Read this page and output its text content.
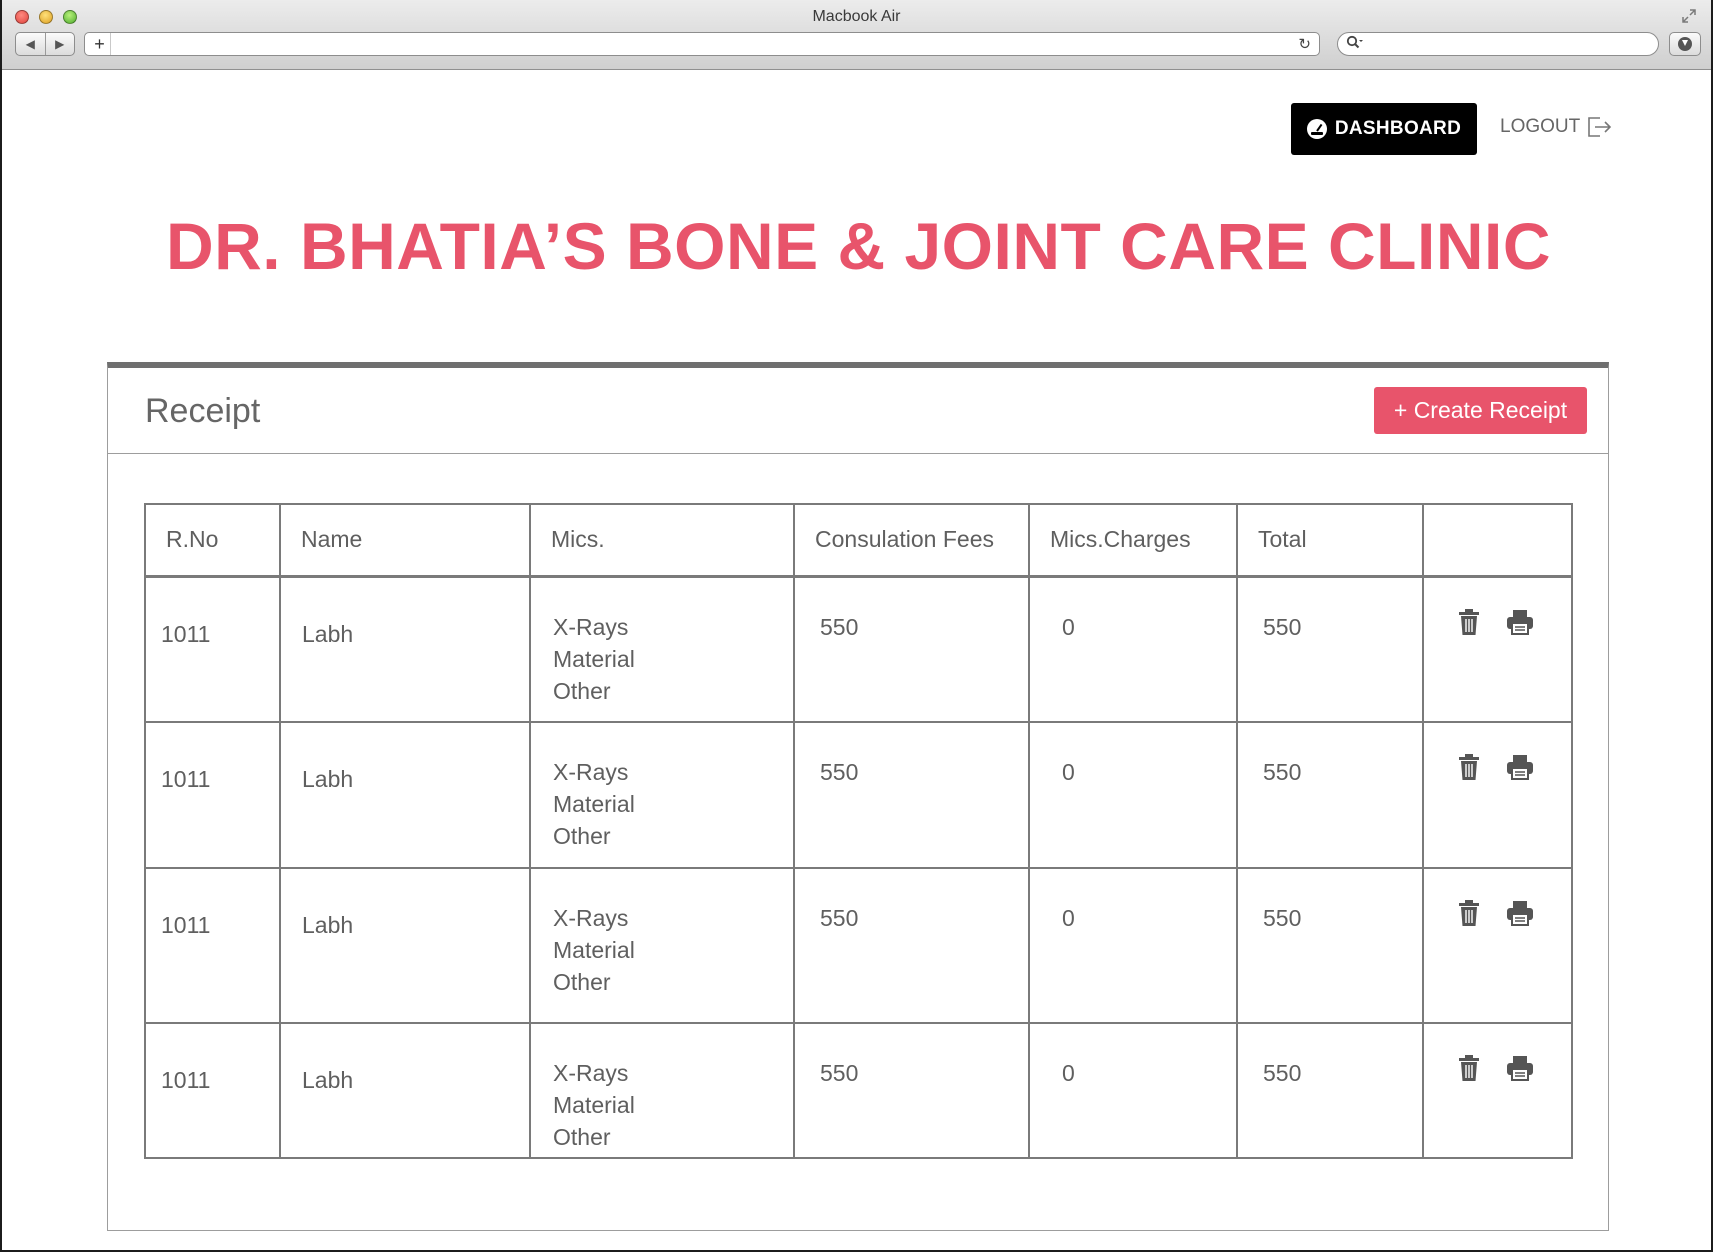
Macbook Air
◀	▶	+	↻
DASHBOARD LOGOUT
DR. BHATIA’S BONE & JOINT CARE CLINIC
Receipt	+ Create Receipt
R.No	Name	Mics.	Consulation Fees	Mics.Charges	Total	
1011	Labh	X-Rays
Material
Other	550	0	550	

1011	Labh	X-Rays
Material
Other	550	0	550	

1011	Labh	X-Rays
Material
Other	550	0	550	

1011	Labh	X-Rays
Material
Other	550	0	550	
